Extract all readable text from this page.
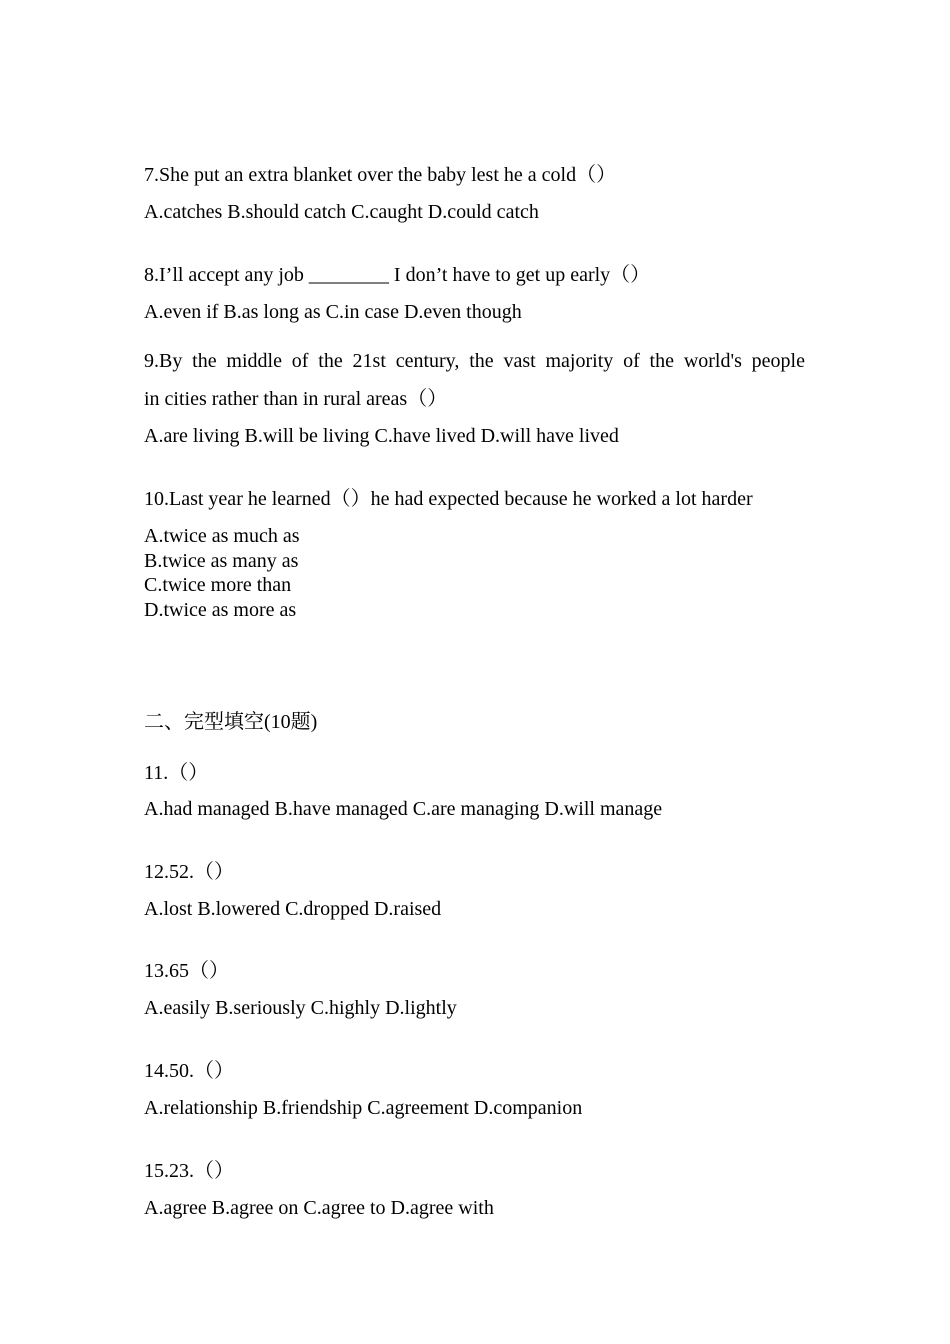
7.She put an extra blanket over the baby lest he a cold（）

A.catches B.should catch C.caught D.could catch

8.I’ll accept any job ________ I don’t have to get up early（）

A.even if B.as long as C.in case D.even though

9.By the middle of the 21st century, the vast majority of the world's people

in cities rather than in rural areas（）

A.are living B.will be living C.have lived D.will have lived

10.Last year he learned（）he had expected because he worked a lot harder

A.twice as much as

B.twice as many as

C.twice more than

D.twice as more as

二、完型填空(10题)

11.（）

A.had managed B.have managed C.are managing D.will manage

12.52.（）

A.lost B.lowered C.dropped D.raised

13.65（）

A.easily B.seriously C.highly D.lightly

14.50.（）

A.relationship B.friendship C.agreement D.companion

15.23.（）

A.agree B.agree on C.agree to D.agree with
